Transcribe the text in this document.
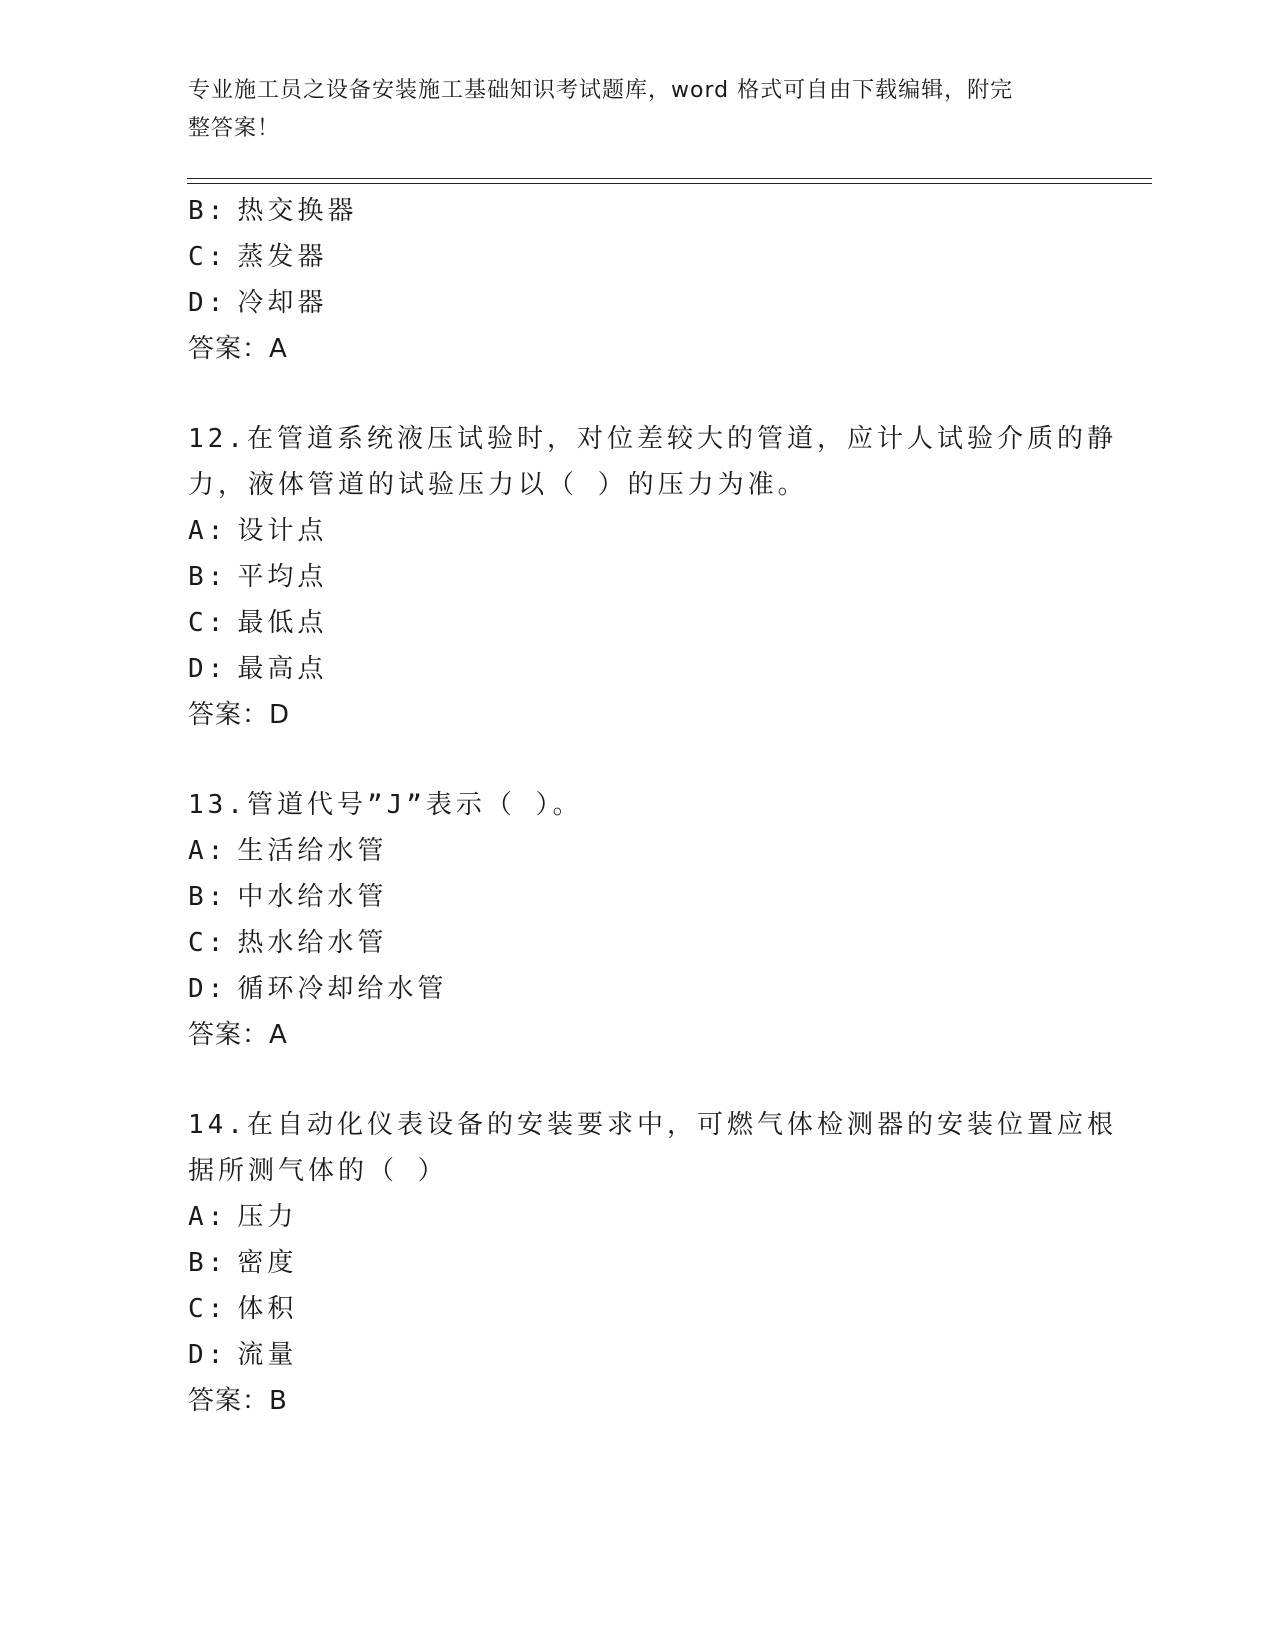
专业施工员之设备安装施工基础知识考试题库，word 格式可自由下载编辑，附完
整答案！
B: 热交换器
C: 蒸发器
D: 冷却器
答案：A
12.在管道系统液压试验时，对位差较大的管道，应计人试验介质的静
力，液体管道的试验压力以（ ）的压力为准。
A: 设计点
B: 平均点
C: 最低点
D: 最高点
答案：D
13.管道代号”J”表示（ ）。
A: 生活给水管
B: 中水给水管
C: 热水给水管
D: 循环冷却给水管
答案：A
14.在自动化仪表设备的安装要求中，可燃气体检测器的安装位置应根
据所测气体的（ ）
A: 压力
B: 密度
C: 体积
D: 流量
答案：B
